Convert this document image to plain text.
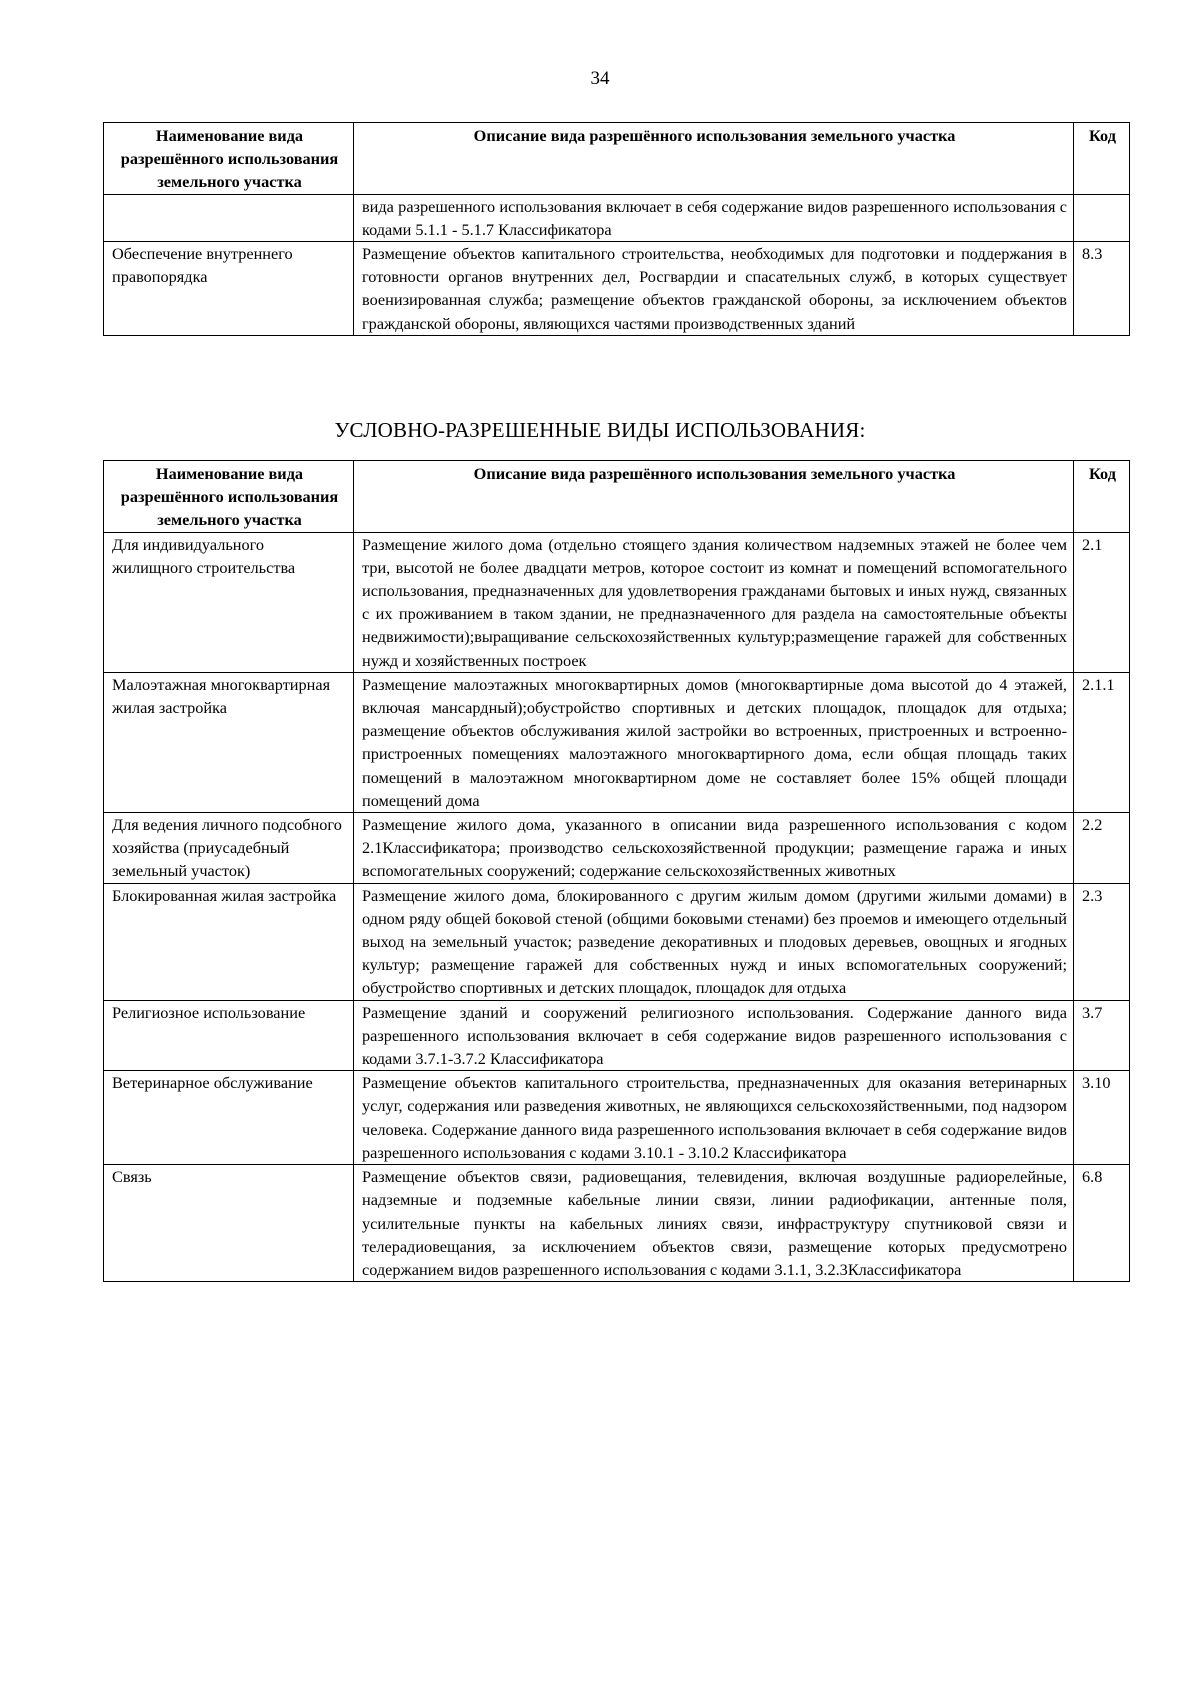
34
Наименование вида разрешённого использования земельного участка	Описание вида разрешённого использования земельного участка	Код
	вида разрешенного использования включает в себя содержание видов разрешенного использования с кодами 5.1.1 - 5.1.7 Классификатора	
Обеспечение внутреннего правопорядка	Размещение объектов капитального строительства, необходимых для подготовки и поддержания в готовности органов внутренних дел, Росгвардии и спасательных служб, в которых существует военизированная служба; размещение объектов гражданской обороны, за исключением объектов гражданской обороны, являющихся частями производственных зданий	8.3
УСЛОВНО-РАЗРЕШЕННЫЕ ВИДЫ ИСПОЛЬЗОВАНИЯ:
Наименование вида разрешённого использования земельного участка	Описание вида разрешённого использования земельного участка	Код
Для индивидуального жилищного строительства	Размещение жилого дома (отдельно стоящего здания количеством надземных этажей не более чем три, высотой не более двадцати метров, которое состоит из комнат и помещений вспомогательного использования, предназначенных для удовлетворения гражданами бытовых и иных нужд, связанных с их проживанием в таком здании, не предназначенного для раздела на самостоятельные объекты недвижимости);выращивание сельскохозяйственных культур;размещение гаражей для собственных нужд и хозяйственных построек	2.1
Малоэтажная многоквартирная жилая застройка	Размещение малоэтажных многоквартирных домов (многоквартирные дома высотой до 4 этажей, включая мансардный);обустройство спортивных и детских площадок, площадок для отдыха; размещение объектов обслуживания жилой застройки во встроенных, пристроенных и встроенно-пристроенных помещениях малоэтажного многоквартирного дома, если общая площадь таких помещений в малоэтажном многоквартирном доме не составляет более 15% общей площади помещений дома	2.1.1
Для ведения личного подсобного хозяйства (приусадебный земельный участок)	Размещение жилого дома, указанного в описании вида разрешенного использования с кодом 2.1Классификатора; производство сельскохозяйственной продукции; размещение гаража и иных вспомогательных сооружений; содержание сельскохозяйственных животных	2.2
Блокированная жилая застройка	Размещение жилого дома, блокированного с другим жилым домом (другими жилыми домами) в одном ряду общей боковой стеной (общими боковыми стенами) без проемов и имеющего отдельный выход на земельный участок; разведение декоративных и плодовых деревьев, овощных и ягодных культур; размещение гаражей для собственных нужд и иных вспомогательных сооружений; обустройство спортивных и детских площадок, площадок для отдыха	2.3
Религиозное использование	Размещение зданий и сооружений религиозного использования. Содержание данного вида разрешенного использования включает в себя содержание видов разрешенного использования с кодами 3.7.1-3.7.2 Классификатора	3.7
Ветеринарное обслуживание	Размещение объектов капитального строительства, предназначенных для оказания ветеринарных услуг, содержания или разведения животных, не являющихся сельскохозяйственными, под надзором человека. Содержание данного вида разрешенного использования включает в себя содержание видов разрешенного использования с кодами 3.10.1 - 3.10.2 Классификатора	3.10
Связь	Размещение объектов связи, радиовещания, телевидения, включая воздушные радиорелейные, надземные и подземные кабельные линии связи, линии радиофикации, антенные поля, усилительные пункты на кабельных линиях связи, инфраструктуру спутниковой связи и телерадиовещания, за исключением объектов связи, размещение которых предусмотрено содержанием видов разрешенного использования с кодами 3.1.1, 3.2.3Классификатора	6.8
